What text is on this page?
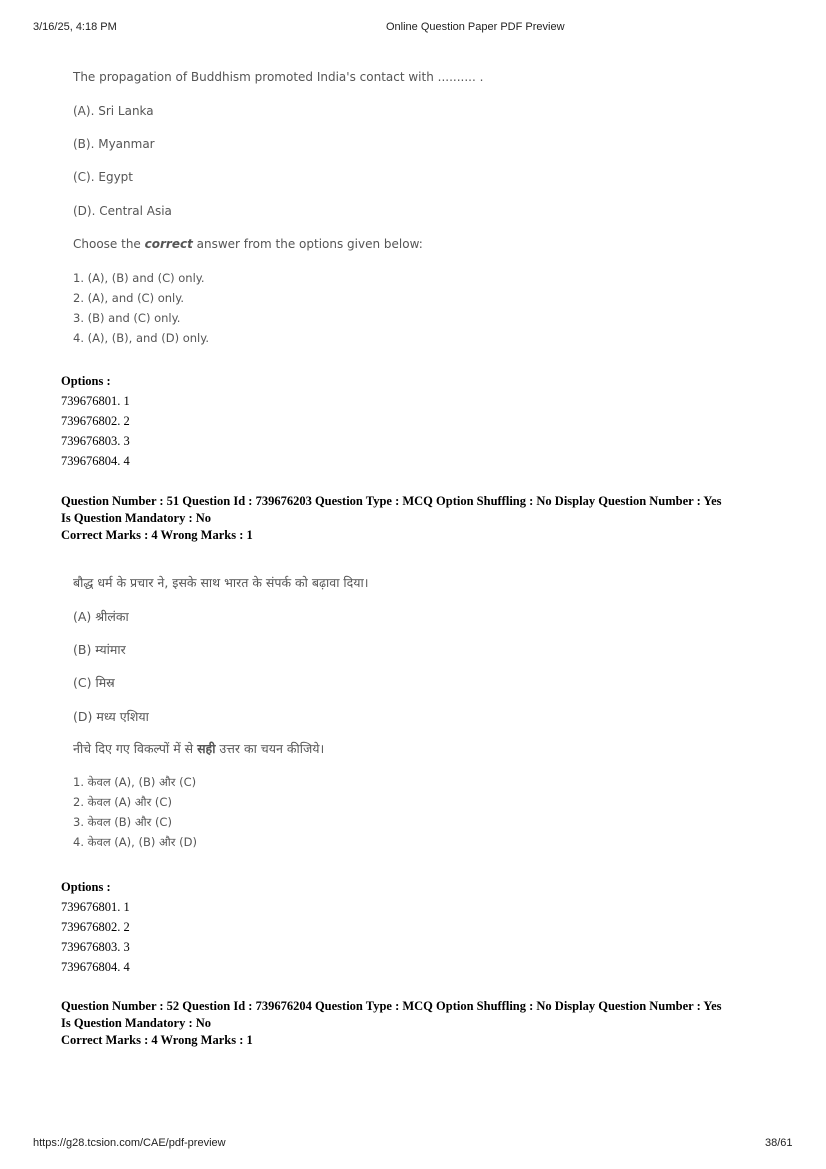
3/16/25, 4:18 PM	Online Question Paper PDF Preview
The propagation of Buddhism promoted India's contact with .......... .
(A). Sri Lanka
(B). Myanmar
(C). Egypt
(D). Central Asia
Choose the correct answer from the options given below:
1. (A), (B) and (C) only.
2. (A), and (C) only.
3. (B) and (C) only.
4. (A), (B), and (D) only.
Options :
739676801. 1
739676802. 2
739676803. 3
739676804. 4
Question Number : 51 Question Id : 739676203 Question Type : MCQ Option Shuffling : No Display Question Number : Yes
Is Question Mandatory : No
Correct Marks : 4 Wrong Marks : 1
बौद्ध धर्म के प्रचार ने, इसके साथ भारत के संपर्क को बढ़ावा दिया।
(A) श्रीलंका
(B) म्यांमार
(C) मिस्र
(D) मध्य एशिया
नीचे दिए गए विकल्पों में से सही उत्तर का चयन कीजिये।
1. केवल (A), (B) और (C)
2. केवल (A) और (C)
3. केवल (B) और (C)
4. केवल (A), (B) और (D)
Options :
739676801. 1
739676802. 2
739676803. 3
739676804. 4
Question Number : 52 Question Id : 739676204 Question Type : MCQ Option Shuffling : No Display Question Number : Yes
Is Question Mandatory : No
Correct Marks : 4 Wrong Marks : 1
https://g28.tcsion.com/CAE/pdf-preview	38/61
